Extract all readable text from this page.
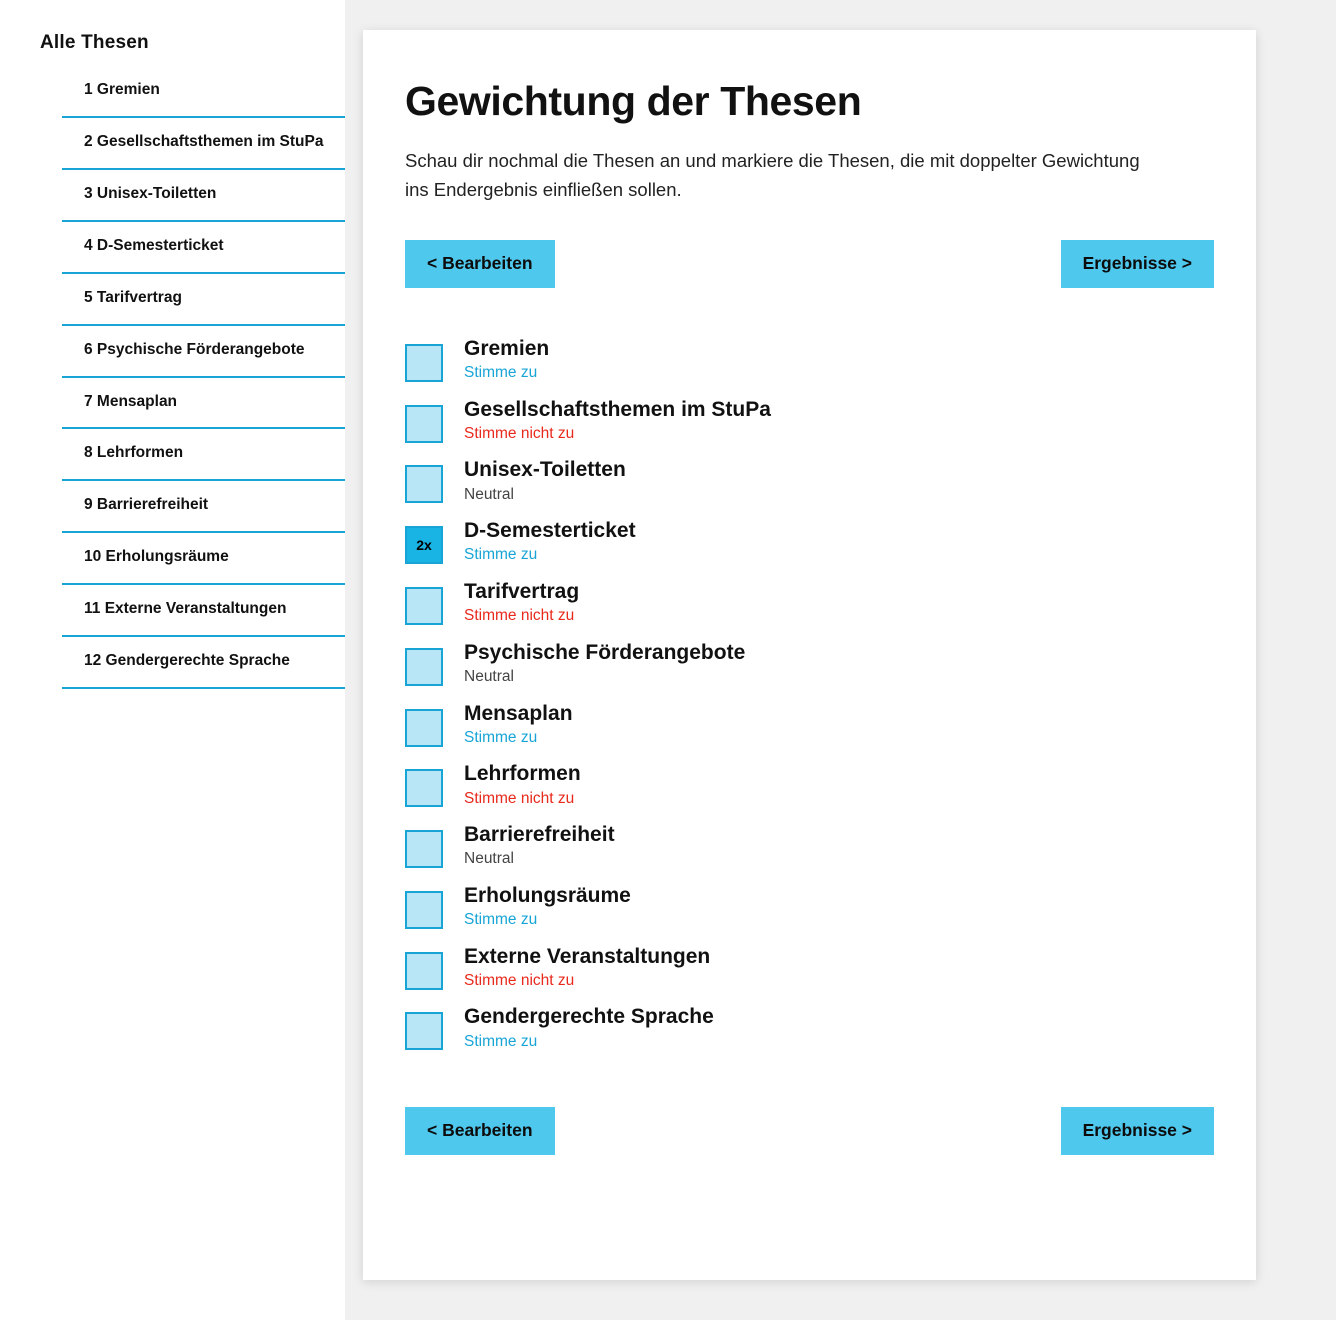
Alle Thesen
1 Gremien
2 Gesellschaftsthemen im StuPa
3 Unisex-Toiletten
4 D-Semesterticket
5 Tarifvertrag
6 Psychische Förderangebote
7 Mensaplan
8 Lehrformen
9 Barrierefreiheit
10 Erholungsräume
11 Externe Veranstaltungen
12 Gendergerechte Sprache
Gewichtung der Thesen

Schau dir nochmal die Thesen an und markiere die Thesen, die mit doppelter Gewichtung ins Endergebnis einfließen sollen.

< Bearbeiten	Ergebnisse >
Gremien
Stimme zu
Gesellschaftsthemen im StuPa
Stimme nicht zu
Unisex-Toiletten
Neutral
2x
D-Semesterticket
Stimme zu
Tarifvertrag
Stimme nicht zu
Psychische Förderangebote
Neutral
Mensaplan
Stimme zu
Lehrformen
Stimme nicht zu
Barrierefreiheit
Neutral
Erholungsräume
Stimme zu
Externe Veranstaltungen
Stimme nicht zu
Gendergerechte Sprache
Stimme zu
< Bearbeiten	Ergebnisse >
